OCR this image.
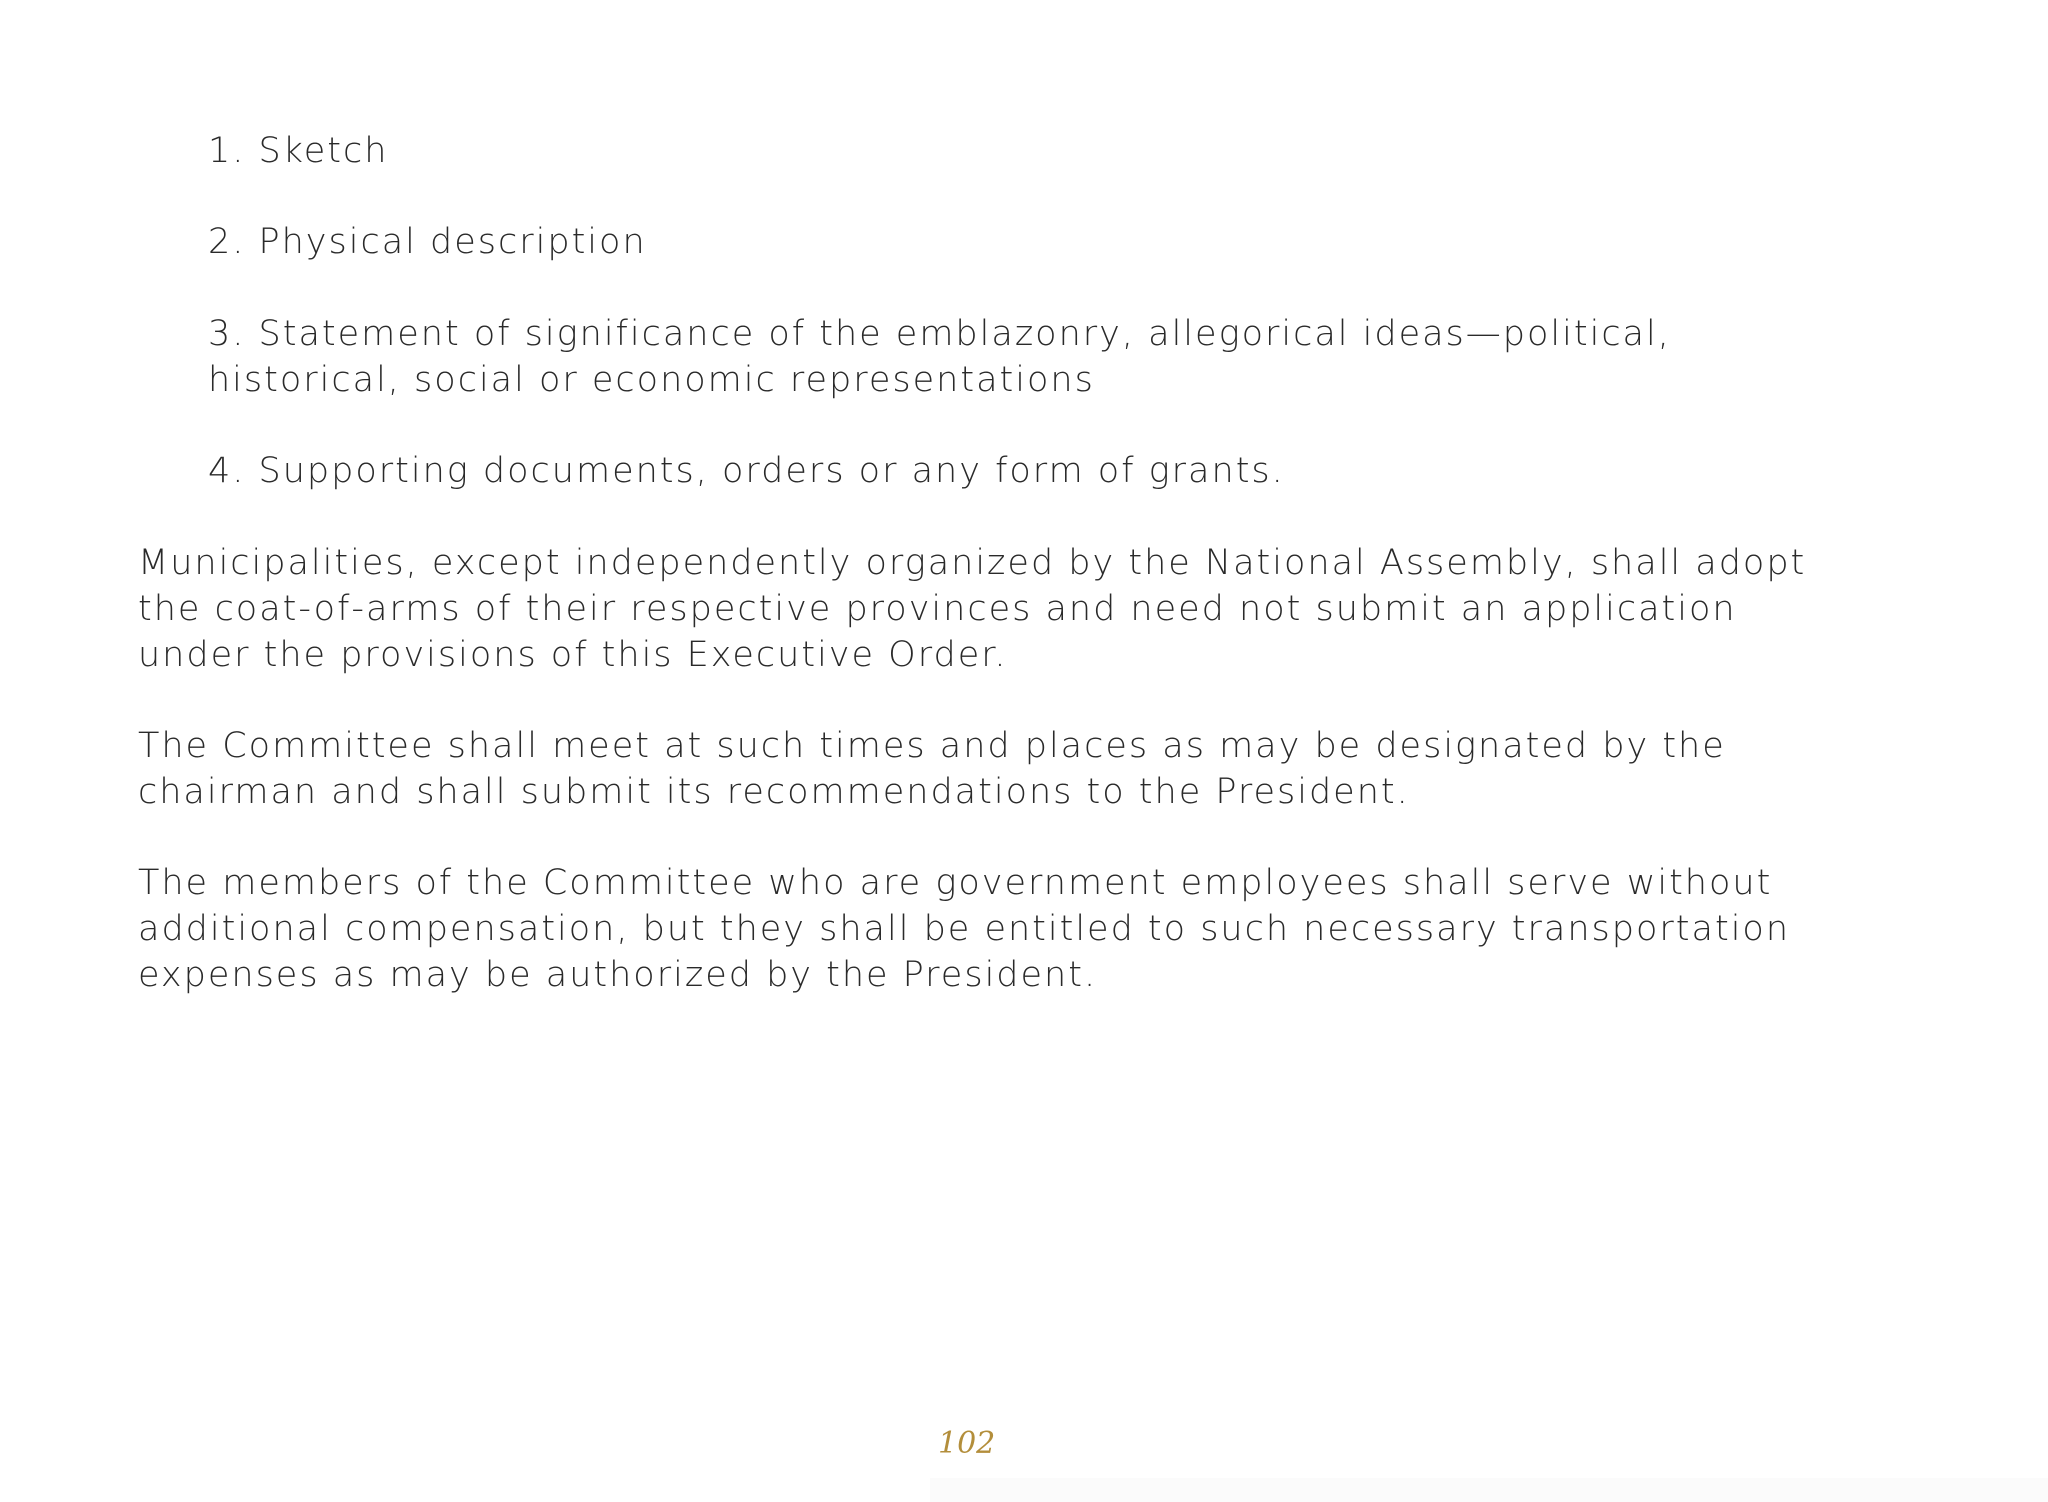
1. Sketch

2. Physical description

3. Statement of significance of the emblazonry, allegorical ideas—political,
historical, social or economic representations

4. Supporting documents, orders or any form of grants.

Municipalities, except independently organized by the National Assembly, shall adopt
the coat-of-arms of their respective provinces and need not submit an application
under the provisions of this Executive Order.

The Committee shall meet at such times and places as may be designated by the
chairman and shall submit its recommendations to the President.

The members of the Committee who are government employees shall serve without
additional compensation, but they shall be entitled to such necessary transportation
expenses as may be authorized by the President.

102
